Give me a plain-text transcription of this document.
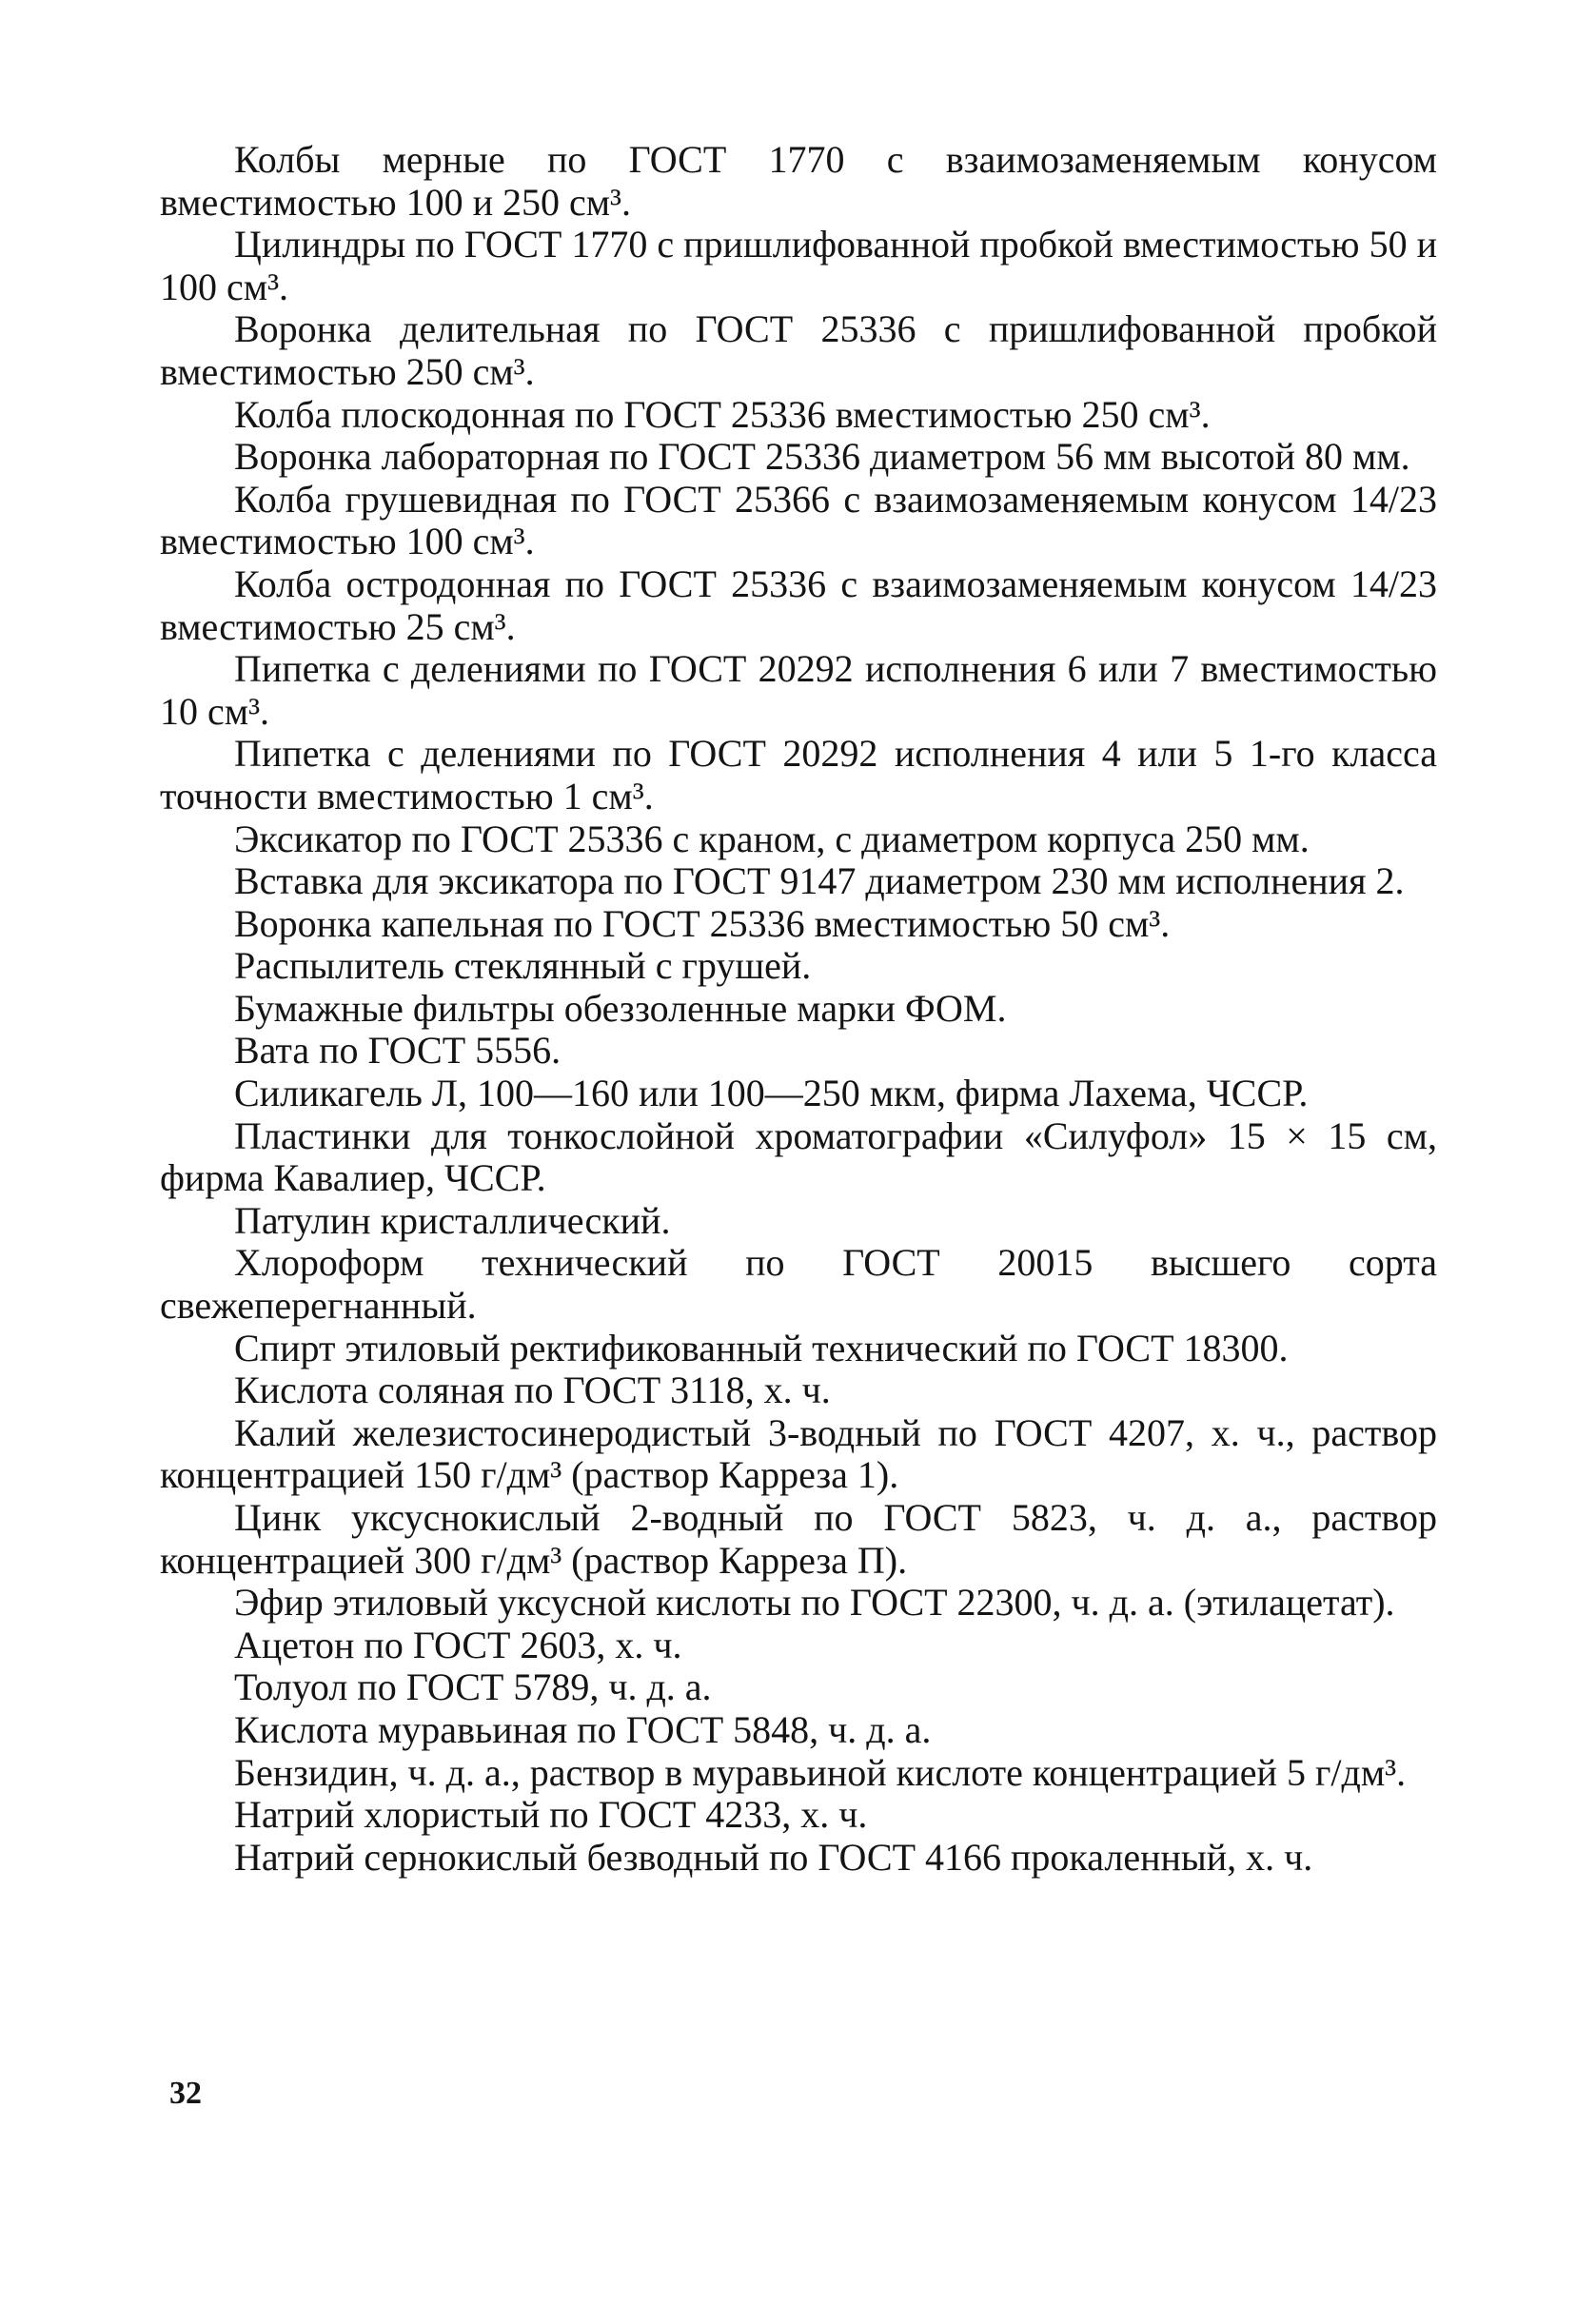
Колбы мерные по ГОСТ 1770 с взаимозаменяемым конусом вместимостью 100 и 250 см³.

Цилиндры по ГОСТ 1770 с пришлифованной пробкой вместимостью 50 и 100 см³.

Воронка делительная по ГОСТ 25336 с пришлифованной пробкой вместимостью 250 см³.

Колба плоскодонная по ГОСТ 25336 вместимостью 250 см³.

Воронка лабораторная по ГОСТ 25336 диаметром 56 мм высотой 80 мм.

Колба грушевидная по ГОСТ 25366 с взаимозаменяемым конусом 14/23 вместимостью 100 см³.

Колба остродонная по ГОСТ 25336 с взаимозаменяемым конусом 14/23 вместимостью 25 см³.

Пипетка с делениями по ГОСТ 20292 исполнения 6 или 7 вместимостью 10 см³.

Пипетка с делениями по ГОСТ 20292 исполнения 4 или 5 1-го класса точности вместимостью 1 см³.

Эксикатор по ГОСТ 25336 с краном, с диаметром корпуса 250 мм.

Вставка для эксикатора по ГОСТ 9147 диаметром 230 мм исполнения 2.

Воронка капельная по ГОСТ 25336 вместимостью 50 см³.

Распылитель стеклянный с грушей.

Бумажные фильтры обеззоленные марки ФОМ.

Вата по ГОСТ 5556.

Силикагель Л, 100—160 или 100—250 мкм, фирма Лахема, ЧССР.

Пластинки для тонкослойной хроматографии «Силуфол» 15 × 15 см, фирма Кавалиер, ЧССР.

Патулин кристаллический.

Хлороформ технический по ГОСТ 20015 высшего сорта свежеперегнанный.

Спирт этиловый ректификованный технический по ГОСТ 18300.

Кислота соляная по ГОСТ 3118, х. ч.

Калий железистосинеродистый 3-водный по ГОСТ 4207, х. ч., раствор концентрацией 150 г/дм³ (раствор Карреза 1).

Цинк уксуснокислый 2-водный по ГОСТ 5823, ч. д. а., раствор концентрацией 300 г/дм³ (раствор Карреза П).

Эфир этиловый уксусной кислоты по ГОСТ 22300, ч. д. а. (этилацетат).

Ацетон по ГОСТ 2603, х. ч.

Толуол по ГОСТ 5789, ч. д. а.

Кислота муравьиная по ГОСТ 5848, ч. д. а.

Бензидин, ч. д. а., раствор в муравьиной кислоте концентрацией 5 г/дм³.

Натрий хлористый по ГОСТ 4233, х. ч.

Натрий сернокислый безводный по ГОСТ 4166 прокаленный, х. ч.

32
